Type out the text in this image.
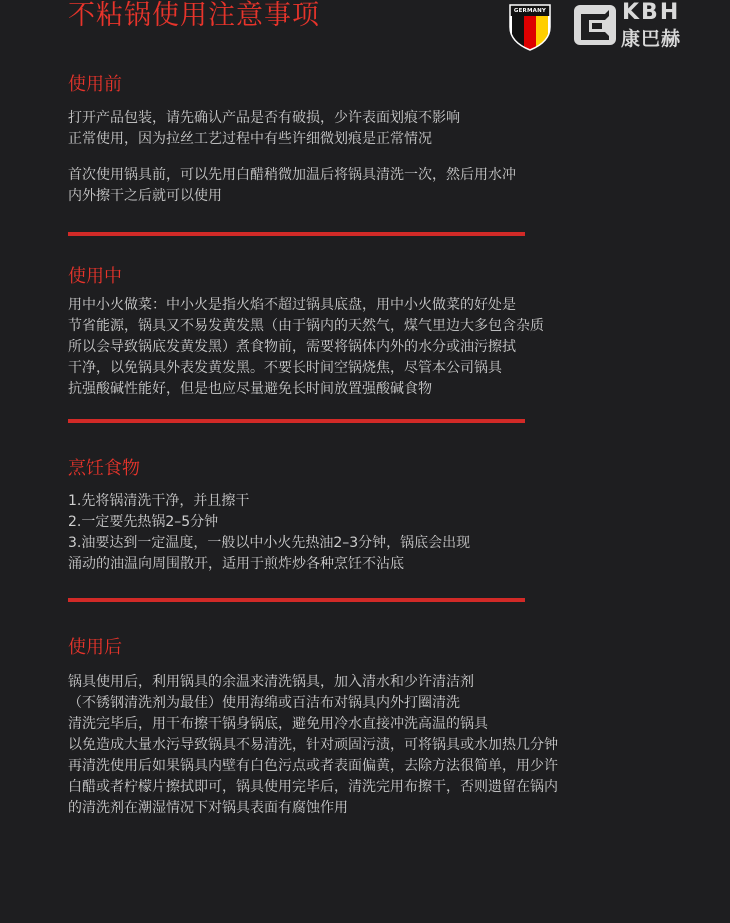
不粘锅使用注意事项	GERMANY	KBH
康巴赫
使用前
打开产品包装，请先确认产品是否有破损，少许表面划痕不影响
正常使用，因为拉丝工艺过程中有些许细微划痕是正常情况
首次使用锅具前，可以先用白醋稍微加温后将锅具清洗一次，然后用水冲
内外擦干之后就可以使用
使用中
用中小火做菜：中小火是指火焰不超过锅具底盘，用中小火做菜的好处是
节省能源，锅具又不易发黄发黑（由于锅内的天然气，煤气里边大多包含杂质
所以会导致锅底发黄发黑）煮食物前，需要将锅体内外的水分或油污擦拭
干净，以免锅具外表发黄发黑。不要长时间空锅烧焦，尽管本公司锅具
抗强酸碱性能好，但是也应尽量避免长时间放置强酸碱食物
烹饪食物
1.先将锅清洗干净，并且擦干
2.一定要先热锅2–5分钟
3.油要达到一定温度，一般以中小火先热油2–3分钟，锅底会出现
涌动的油温向周围散开，适用于煎炸炒各种烹饪不沾底
使用后
锅具使用后，利用锅具的余温来清洗锅具，加入清水和少许清洁剂
（不锈钢清洗剂为最佳）使用海绵或百洁布对锅具内外打圈清洗
清洗完毕后，用干布擦干锅身锅底，避免用冷水直接冲洗高温的锅具
以免造成大量水污导致锅具不易清洗，针对顽固污渍，可将锅具或水加热几分钟
再清洗使用后如果锅具内壁有白色污点或者表面偏黄，去除方法很简单，用少许
白醋或者柠檬片擦拭即可，锅具使用完毕后，清洗完用布擦干，否则遗留在锅内
的清洗剂在潮湿情况下对锅具表面有腐蚀作用
